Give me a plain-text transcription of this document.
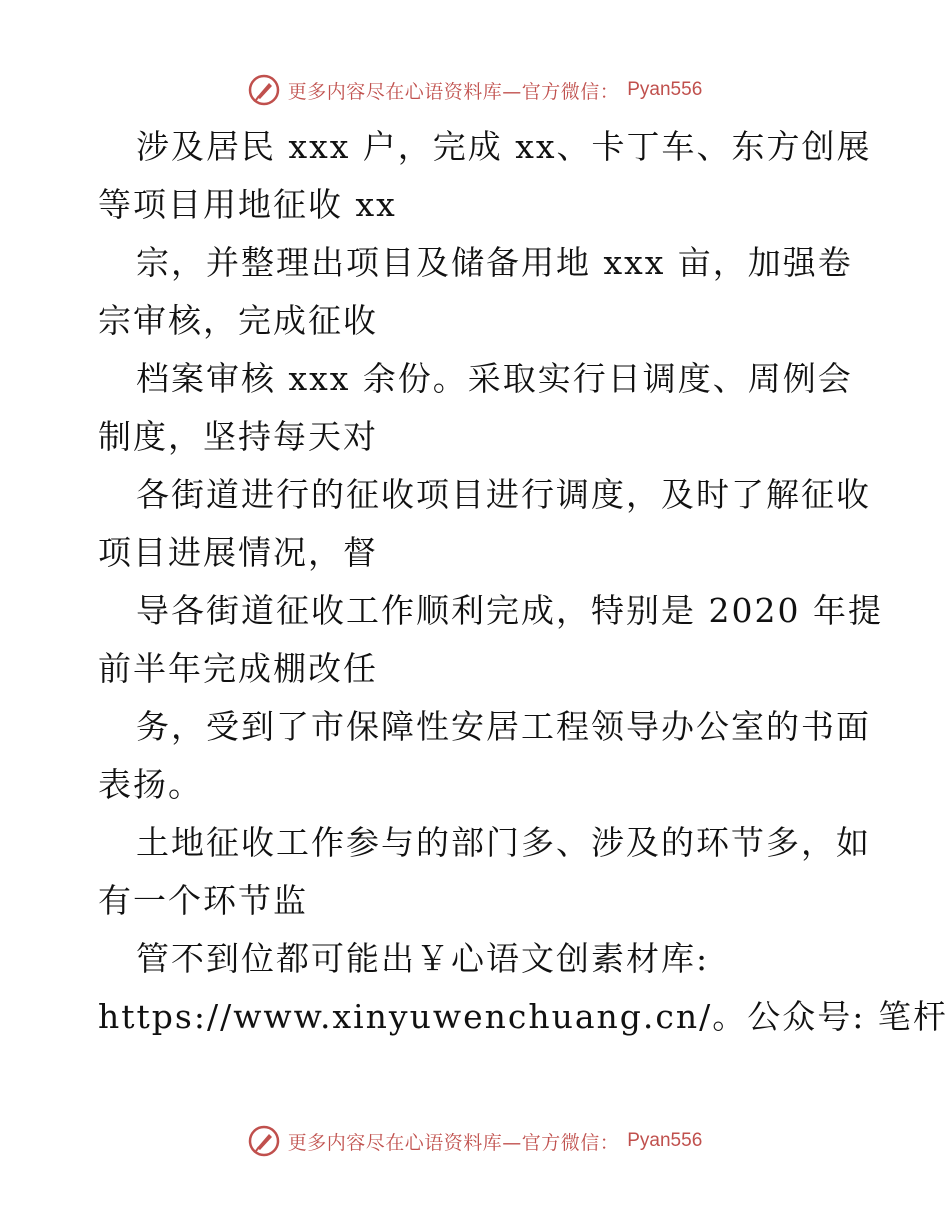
更多内容尽在心语资料库—官方微信： Pyan556
涉及居民 xxx 户，完成 xx、卡丁车、东方创展
等项目用地征收 xx
宗，并整理出项目及储备用地 xxx 亩，加强卷
宗审核，完成征收
档案审核 xxx 余份。采取实行日调度、周例会
制度，坚持每天对
各街道进行的征收项目进行调度，及时了解征收
项目进展情况，督
导各街道征收工作顺利完成，特别是 2020 年提
前半年完成棚改任
务，受到了市保障性安居工程领导办公室的书面
表扬。
土地征收工作参与的部门多、涉及的环节多，如
有一个环节监
管不到位都可能出￥心语文创素材库:
https://www.xinyuwenchuang.cn/。公众号: 笔杆
更多内容尽在心语资料库—官方微信： Pyan556
